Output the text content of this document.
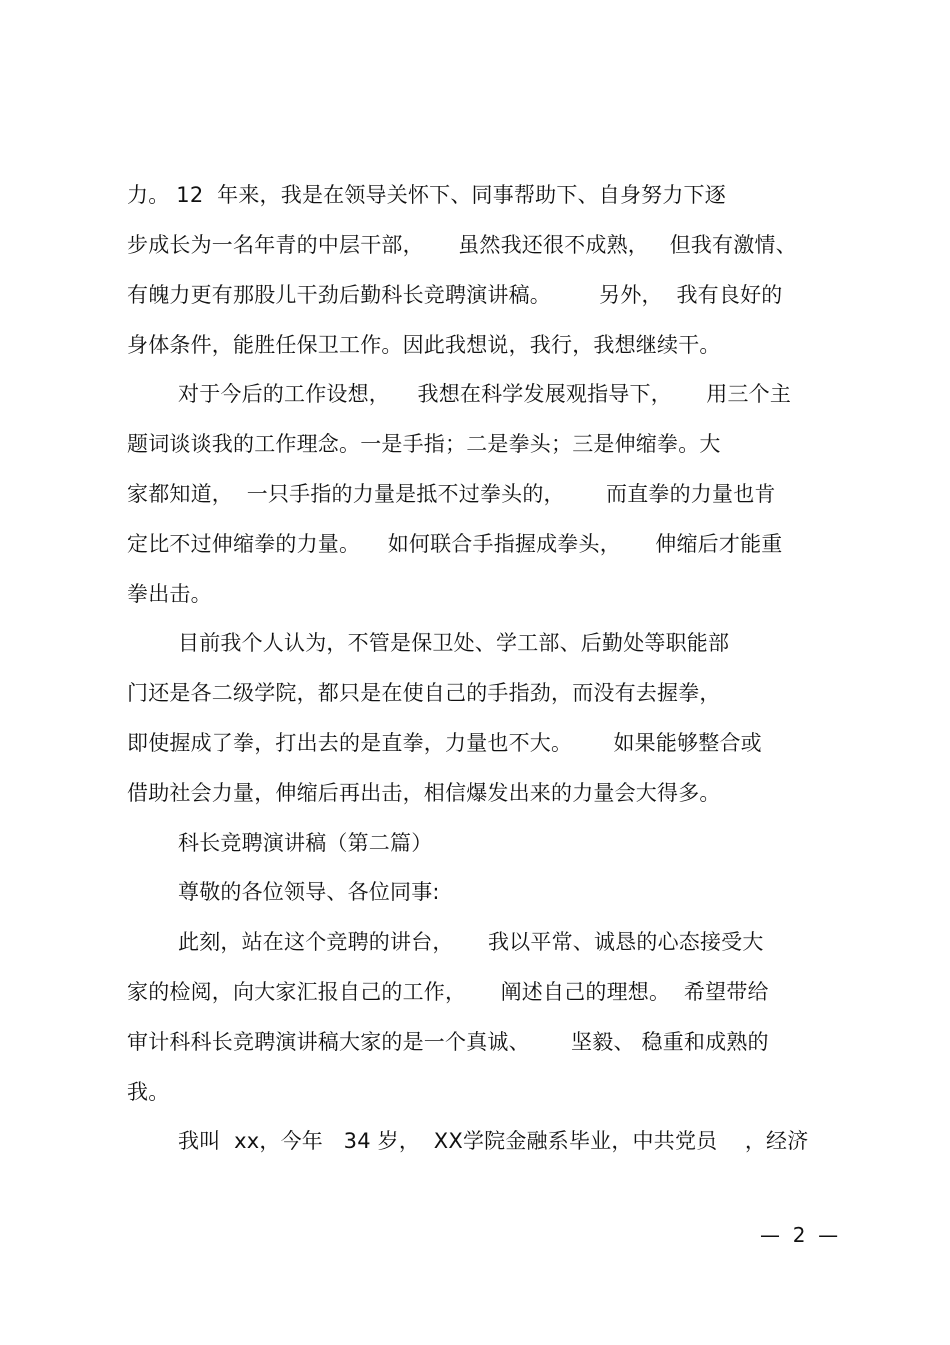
力。 12  年来，我是在领导关怀下、同事帮助下、自身努力下逐
步成长为一名年青的中层干部，     虽然我还很不成熟，   但我有激情、
有魄力更有那股儿干劲后勤科长竞聘演讲稿。       另外，  我有良好的
身体条件，能胜任保卫工作。因此我想说，我行，我想继续干。
对于今后的工作设想，    我想在科学发展观指导下，     用三个主
题词谈谈我的工作理念。一是手指；二是拳头；三是伸缩拳。大
家都知道，  一只手指的力量是抵不过拳头的，      而直拳的力量也肯
定比不过伸缩拳的力量。    如何联合手指握成拳头，     伸缩后才能重
拳出击。
目前我个人认为，不管是保卫处、学工部、后勤处等职能部
门还是各二级学院，都只是在使自己的手指劲，而没有去握拳，
即使握成了拳，打出去的是直拳，力量也不大。      如果能够整合或
借助社会力量，伸缩后再出击，相信爆发出来的力量会大得多。
科长竞聘演讲稿（第二篇）
尊敬的各位领导、各位同事:
此刻，站在这个竞聘的讲台，     我以平常、诚恳的心态接受大
家的检阅，向大家汇报自己的工作，     阐述自己的理想。  希望带给
审计科科长竞聘演讲稿大家的是一个真诚、      坚毅、 稳重和成熟的
我。
我叫  xx，今年   34 岁，  XX学院金融系毕业，中共党员    ，经济
—  2  —
